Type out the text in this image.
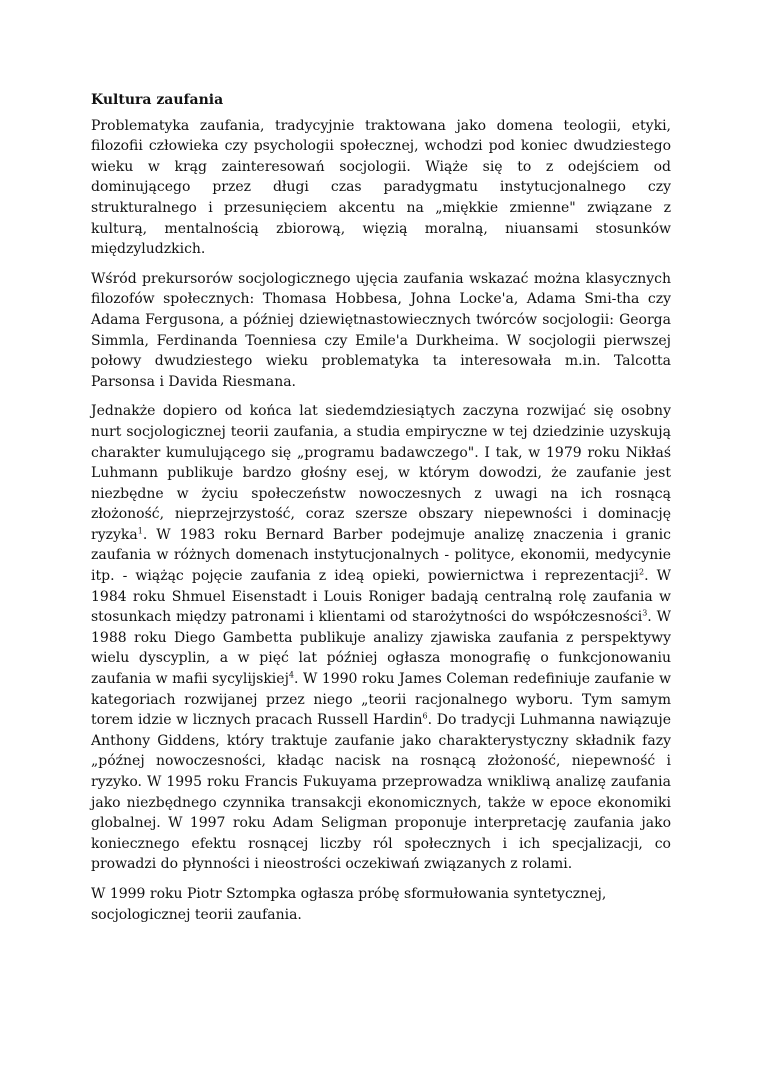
Kultura zaufania

Problematyka zaufania, tradycyjnie traktowana jako domena teologii, etyki, filozofii człowieka czy psychologii społecznej, wchodzi pod koniec dwudziestego wieku w krąg zainteresowań socjologii. Wiąże się to z odejściem od dominującego przez długi czas paradygmatu instytucjonalnego czy strukturalnego i przesunięciem akcentu na „miękkie zmienne" związane z kulturą, mentalnością zbiorową, więzią moralną, niuansami stosunków międzyludzkich.

Wśród prekursorów socjologicznego ujęcia zaufania wskazać można klasycznych filozofów społecznych: Thomasa Hobbesa, Johna Locke'a, Adama Smi-tha czy Adama Fergusona, a później dziewiętnastowiecznych twórców socjologii: Georga Simmla, Ferdinanda Toenniesa czy Emile'a Durkheima. W socjologii pierwszej połowy dwudziestego wieku problematyka ta interesowała m.in. Talcotta Parsonsa i Davida Riesmana.

Jednakże dopiero od końca lat siedemdziesiątych zaczyna rozwijać się osobny nurt socjologicznej teorii zaufania, a studia empiryczne w tej dziedzinie uzyskują charakter kumulującego się „programu badawczego". I tak, w 1979 roku Nikłaś Luhmann publikuje bardzo głośny esej, w którym dowodzi, że zaufanie jest niezbędne w życiu społeczeństw nowoczesnych z uwagi na ich rosnącą złożoność, nieprzejrzystość, coraz szersze obszary niepewności i dominację ryzyka$^1$. W 1983 roku Bernard Barber podejmuje analizę znaczenia i granic zaufania w różnych domenach instytucjonalnych - polityce, ekonomii, medycynie itp. - wiążąc pojęcie zaufania z ideą opieki, powiernictwa i reprezentacji$^2$. W 1984 roku Shmuel Eisenstadt i Louis Roniger badają centralną rolę zaufania w stosunkach między patronami i klientami od starożytności do współczesności$^3$. W 1988 roku Diego Gambetta publikuje analizy zjawiska zaufania z perspektywy wielu dyscyplin, a w pięć lat później ogłasza monografię o funkcjonowaniu zaufania w mafii sycylijskiej$^4$. W 1990 roku James Coleman redefiniuje zaufanie w kategoriach rozwijanej przez niego „teorii racjonalnego wyboru. Tym samym torem idzie w licznych pracach Russell Hardin$^6$. Do tradycji Luhmanna nawiązuje Anthony Giddens, który traktuje zaufanie jako charakterystyczny składnik fazy „późnej nowoczesności, kładąc nacisk na rosnącą złożoność, niepewność i ryzyko. W 1995 roku Francis Fukuyama przeprowadza wnikliwą analizę zaufania jako niezbędnego czynnika transakcji ekonomicznych, także w epoce ekonomiki globalnej. W 1997 roku Adam Seligman proponuje interpretację zaufania jako koniecznego efektu rosnącej liczby ról społecznych i ich specjalizacji, co prowadzi do płynności i nieostrości oczekiwań związanych z rolami.

W 1999 roku Piotr Sztompka ogłasza próbę sformułowania syntetycznej, socjologicznej teorii zaufania.
